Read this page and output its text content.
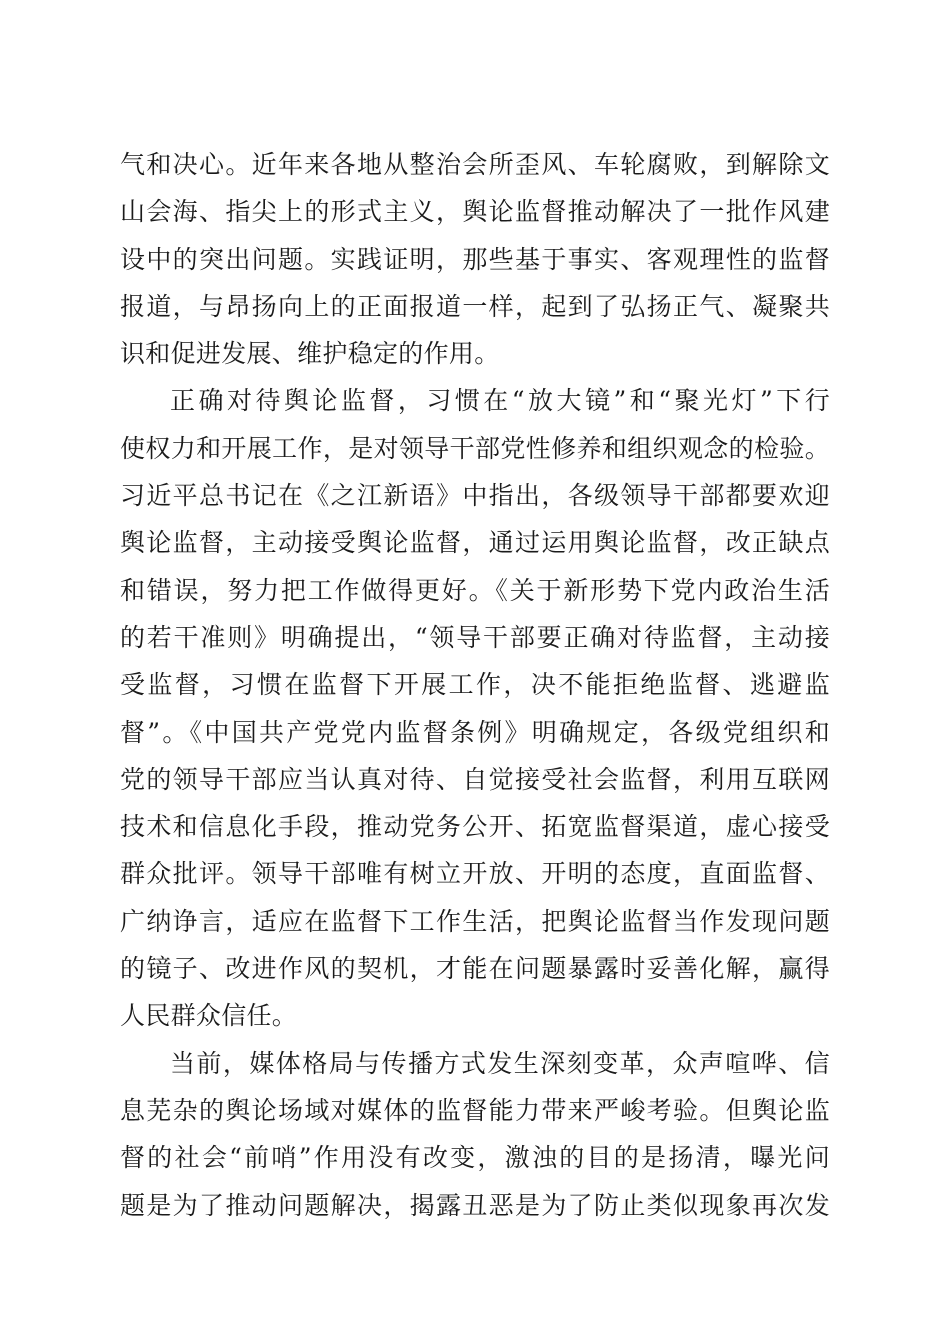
气和决心。近年来各地从整治会所歪风、车轮腐败，到解除文
山会海、指尖上的形式主义，舆论监督推动解决了一批作风建
设中的突出问题。实践证明，那些基于事实、客观理性的监督
报道，与昂扬向上的正面报道一样，起到了弘扬正气、凝聚共
识和促进发展、维护稳定的作用。
正确对待舆论监督，习惯在“放大镜”和“聚光灯”下行
使权力和开展工作，是对领导干部党性修养和组织观念的检验。
习近平总书记在《之江新语》中指出，各级领导干部都要欢迎
舆论监督，主动接受舆论监督，通过运用舆论监督，改正缺点
和错误，努力把工作做得更好。《关于新形势下党内政治生活
的若干准则》明确提出，“领导干部要正确对待监督，主动接
受监督，习惯在监督下开展工作，决不能拒绝监督、逃避监
督”。《中国共产党党内监督条例》明确规定，各级党组织和
党的领导干部应当认真对待、自觉接受社会监督，利用互联网
技术和信息化手段，推动党务公开、拓宽监督渠道，虚心接受
群众批评。领导干部唯有树立开放、开明的态度，直面监督、
广纳诤言，适应在监督下工作生活，把舆论监督当作发现问题
的镜子、改进作风的契机，才能在问题暴露时妥善化解，赢得
人民群众信任。
当前，媒体格局与传播方式发生深刻变革，众声喧哗、信
息芜杂的舆论场域对媒体的监督能力带来严峻考验。但舆论监
督的社会“前哨”作用没有改变，激浊的目的是扬清，曝光问
题是为了推动问题解决，揭露丑恶是为了防止类似现象再次发
